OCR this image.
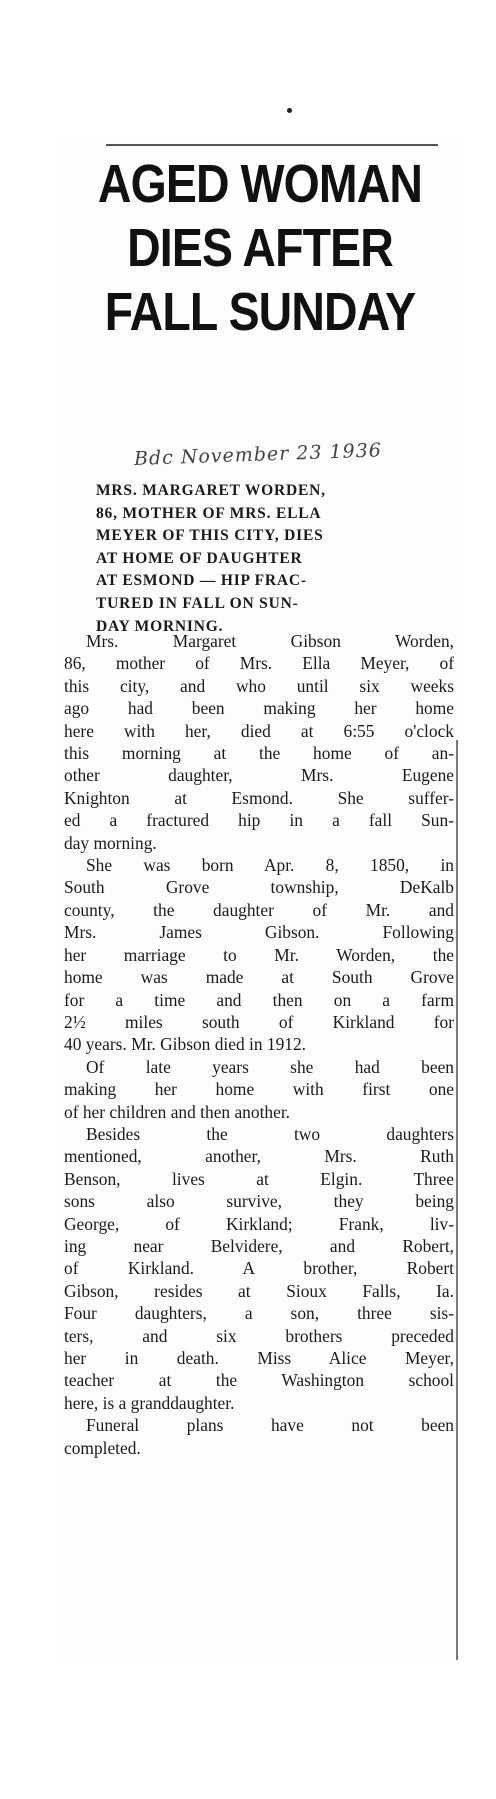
AGED WOMAN
DIES AFTER
FALL SUNDAY
Bdc November 23 1936
MRS. MARGARET WORDEN,
86, MOTHER OF MRS. ELLA
MEYER OF THIS CITY, DIES
AT HOME OF DAUGHTER
AT ESMOND — HIP FRAC-
TURED IN FALL ON SUN-
DAY MORNING.
Mrs. Margaret Gibson Worden,
86, mother of Mrs. Ella Meyer, of
this city, and who until six weeks
ago had been making her home
here with her, died at 6:55 o'clock
this morning at the home of an-
other daughter, Mrs. Eugene
Knighton at Esmond. She suffer-
ed a fractured hip in a fall Sun-
day morning.
She was born Apr. 8, 1850, in
South Grove township, DeKalb
county, the daughter of Mr. and
Mrs. James Gibson. Following
her marriage to Mr. Worden, the
home was made at South Grove
for a time and then on a farm
2½ miles south of Kirkland for
40 years. Mr. Gibson died in 1912.
Of late years she had been
making her home with first one
of her children and then another.
Besides the two daughters
mentioned, another, Mrs. Ruth
Benson, lives at Elgin. Three
sons also survive, they being
George, of Kirkland; Frank, liv-
ing near Belvidere, and Robert,
of Kirkland. A brother, Robert
Gibson, resides at Sioux Falls, Ia.
Four daughters, a son, three sis-
ters, and six brothers preceded
her in death. Miss Alice Meyer,
teacher at the Washington school
here, is a granddaughter.
Funeral plans have not been
completed.
